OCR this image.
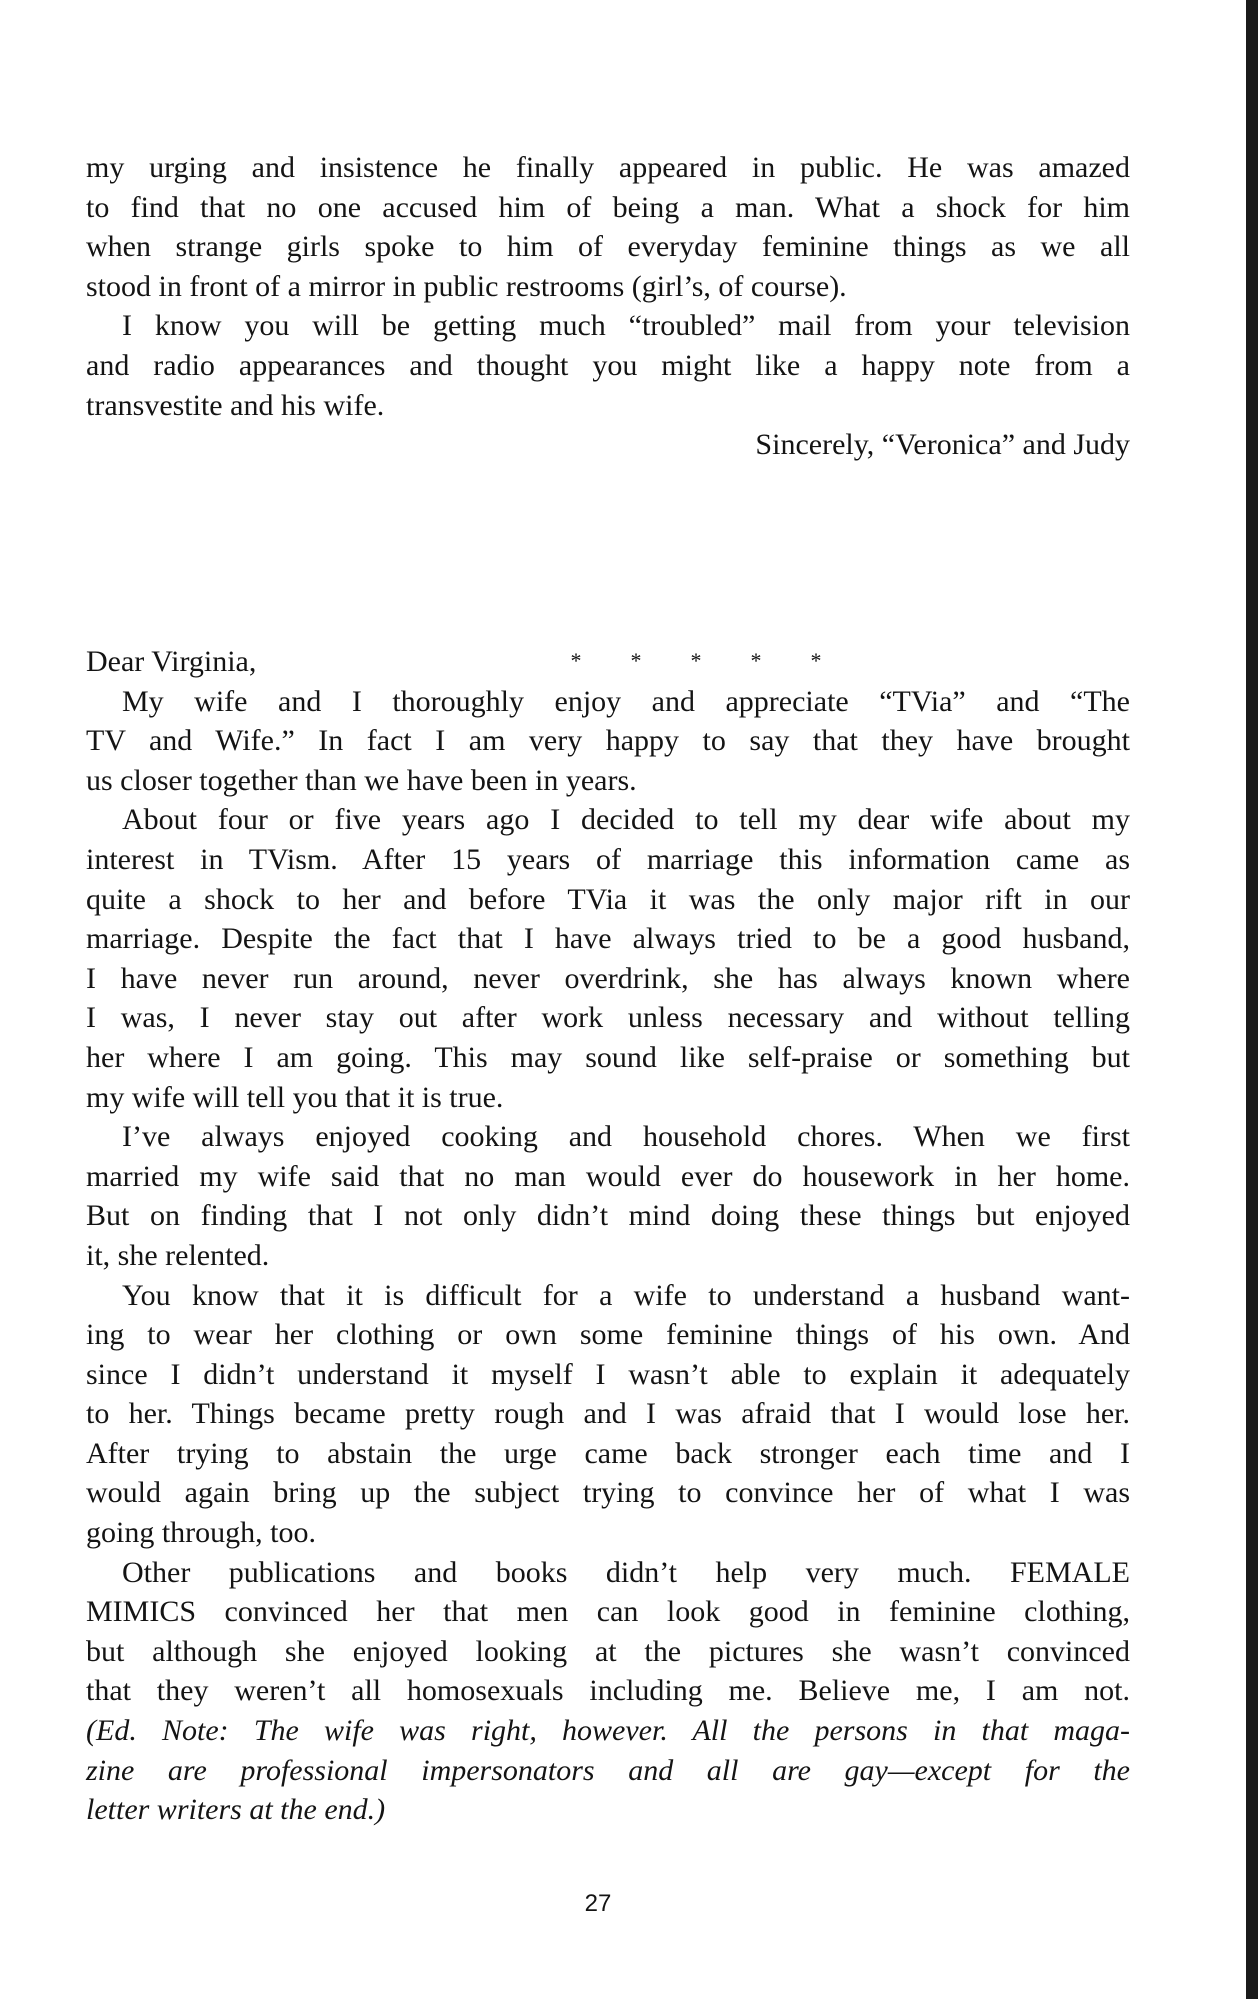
my urging and insistence he finally appeared in public. He was amazed
to find that no one accused him of being a man. What a shock for him
when strange girls spoke to him of everyday feminine things as we all
stood in front of a mirror in public restrooms (girl’s, of course).
I know you will be getting much “troubled” mail from your television
and radio appearances and thought you might like a happy note from a
transvestite and his wife.
Sincerely, “Veronica” and Judy
* * * * *
Dear Virginia,
My wife and I thoroughly enjoy and appreciate “TVia” and “The
TV and Wife.” In fact I am very happy to say that they have brought
us closer together than we have been in years.
About four or five years ago I decided to tell my dear wife about my
interest in TVism. After 15 years of marriage this information came as
quite a shock to her and before TVia it was the only major rift in our
marriage. Despite the fact that I have always tried to be a good husband,
I have never run around, never overdrink, she has always known where
I was, I never stay out after work unless necessary and without telling
her where I am going. This may sound like self-praise or something but
my wife will tell you that it is true.
I’ve always enjoyed cooking and household chores. When we first
married my wife said that no man would ever do housework in her home.
But on finding that I not only didn’t mind doing these things but enjoyed
it, she relented.
You know that it is difficult for a wife to understand a husband want-
ing to wear her clothing or own some feminine things of his own. And
since I didn’t understand it myself I wasn’t able to explain it adequately
to her. Things became pretty rough and I was afraid that I would lose her.
After trying to abstain the urge came back stronger each time and I
would again bring up the subject trying to convince her of what I was
going through, too.
Other publications and books didn’t help very much. FEMALE
MIMICS convinced her that men can look good in feminine clothing,
but although she enjoyed looking at the pictures she wasn’t convinced
that they weren’t all homosexuals including me. Believe me, I am not.
(Ed. Note: The wife was right, however. All the persons in that maga-
zine are professional impersonators and all are gay—except for the
letter writers at the end.)
27
